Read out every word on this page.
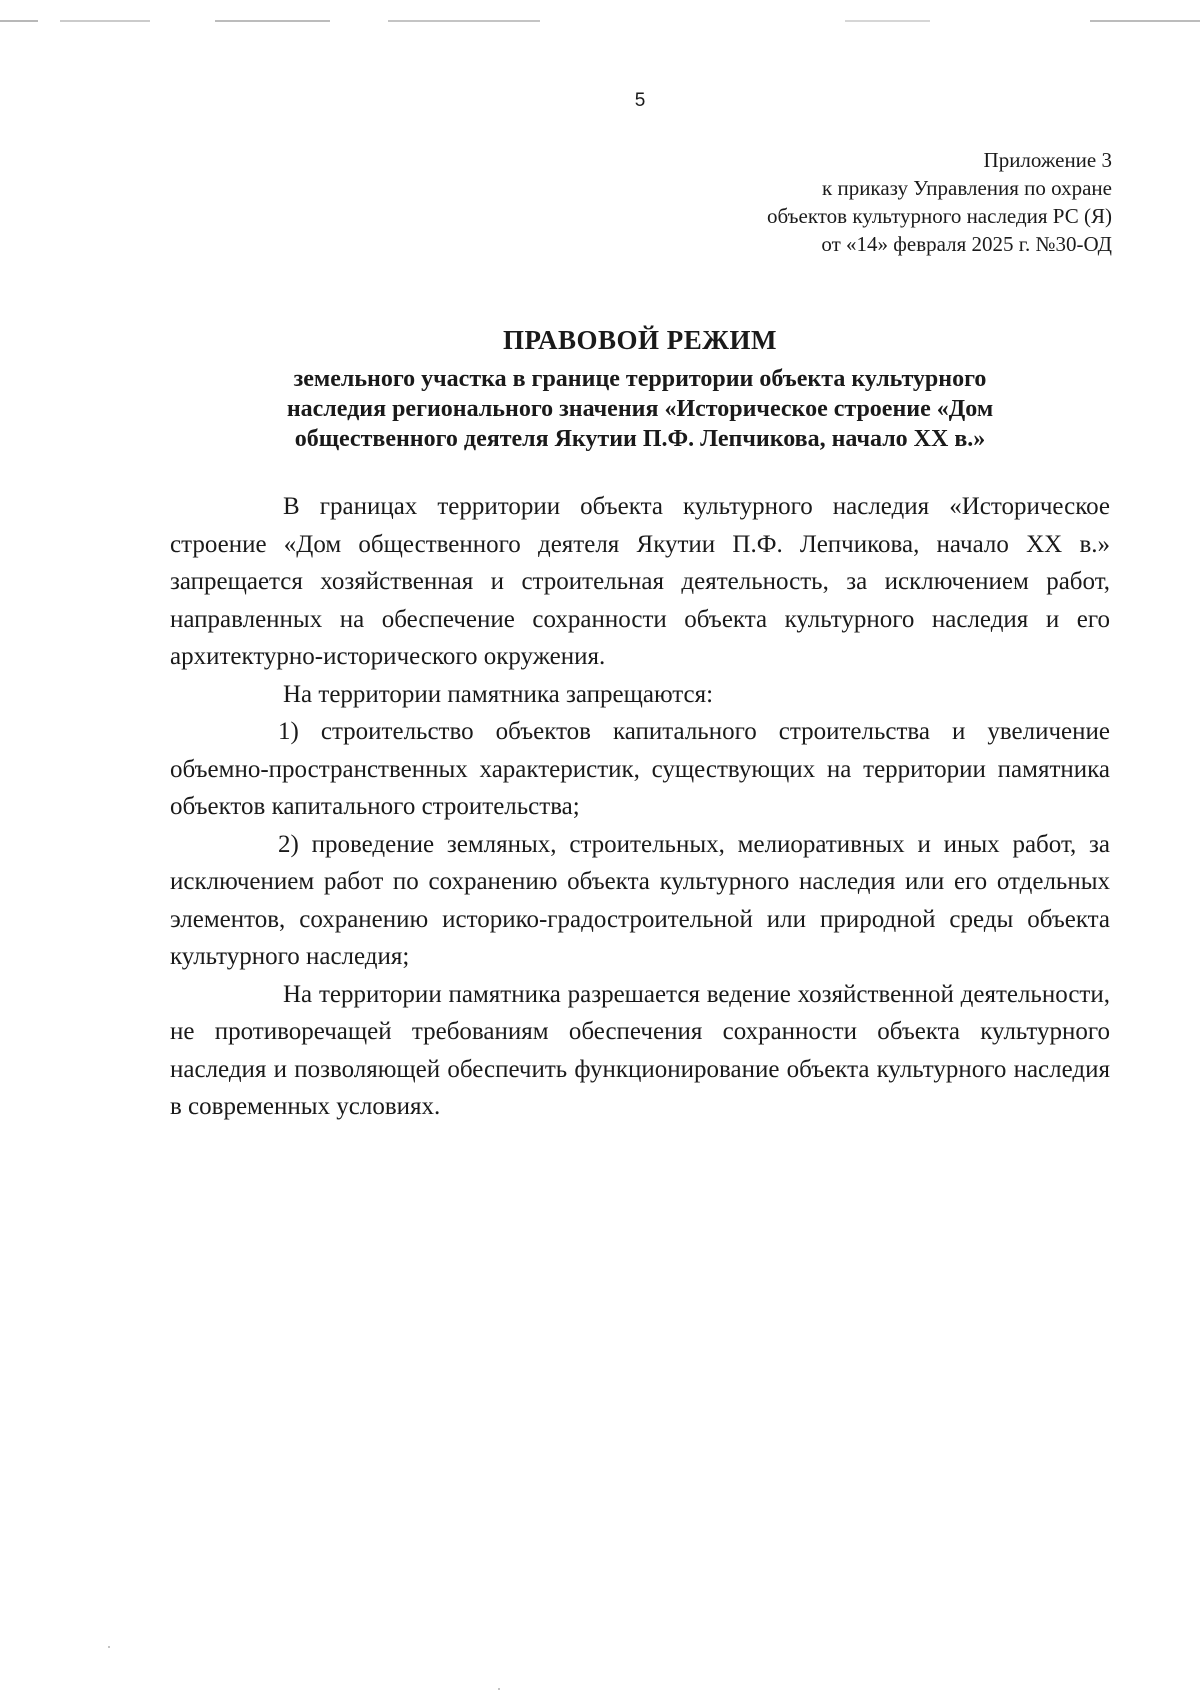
5
Приложение 3
к приказу Управления по охране
объектов культурного наследия РС (Я)
от «14» февраля 2025 г. №30-ОД
ПРАВОВОЙ РЕЖИМ
земельного участка в границе территории объекта культурного
наследия регионального значения «Историческое строение «Дом
общественного деятеля Якутии П.Ф. Лепчикова, начало XX в.»

В границах территории объекта культурного наследия «Историческое строение «Дом общественного деятеля Якутии П.Ф. Лепчикова, начало XX в.» запрещается хозяйственная и строительная деятельность, за исключением работ, направленных на обеспечение сохранности объекта культурного наследия и его архитектурно-исторического окружения.

На территории памятника запрещаются:

1) строительство объектов капитального строительства и увеличение объемно-пространственных характеристик, существующих на территории памятника объектов капитального строительства;

2) проведение земляных, строительных, мелиоративных и иных работ, за исключением работ по сохранению объекта культурного наследия или его отдельных элементов, сохранению историко-градостроительной или природной среды объекта культурного наследия;

На территории памятника разрешается ведение хозяйственной деятельности, не противоречащей требованиям обеспечения сохранности объекта культурного наследия и позволяющей обеспечить функционирование объекта культурного наследия в современных условиях.
